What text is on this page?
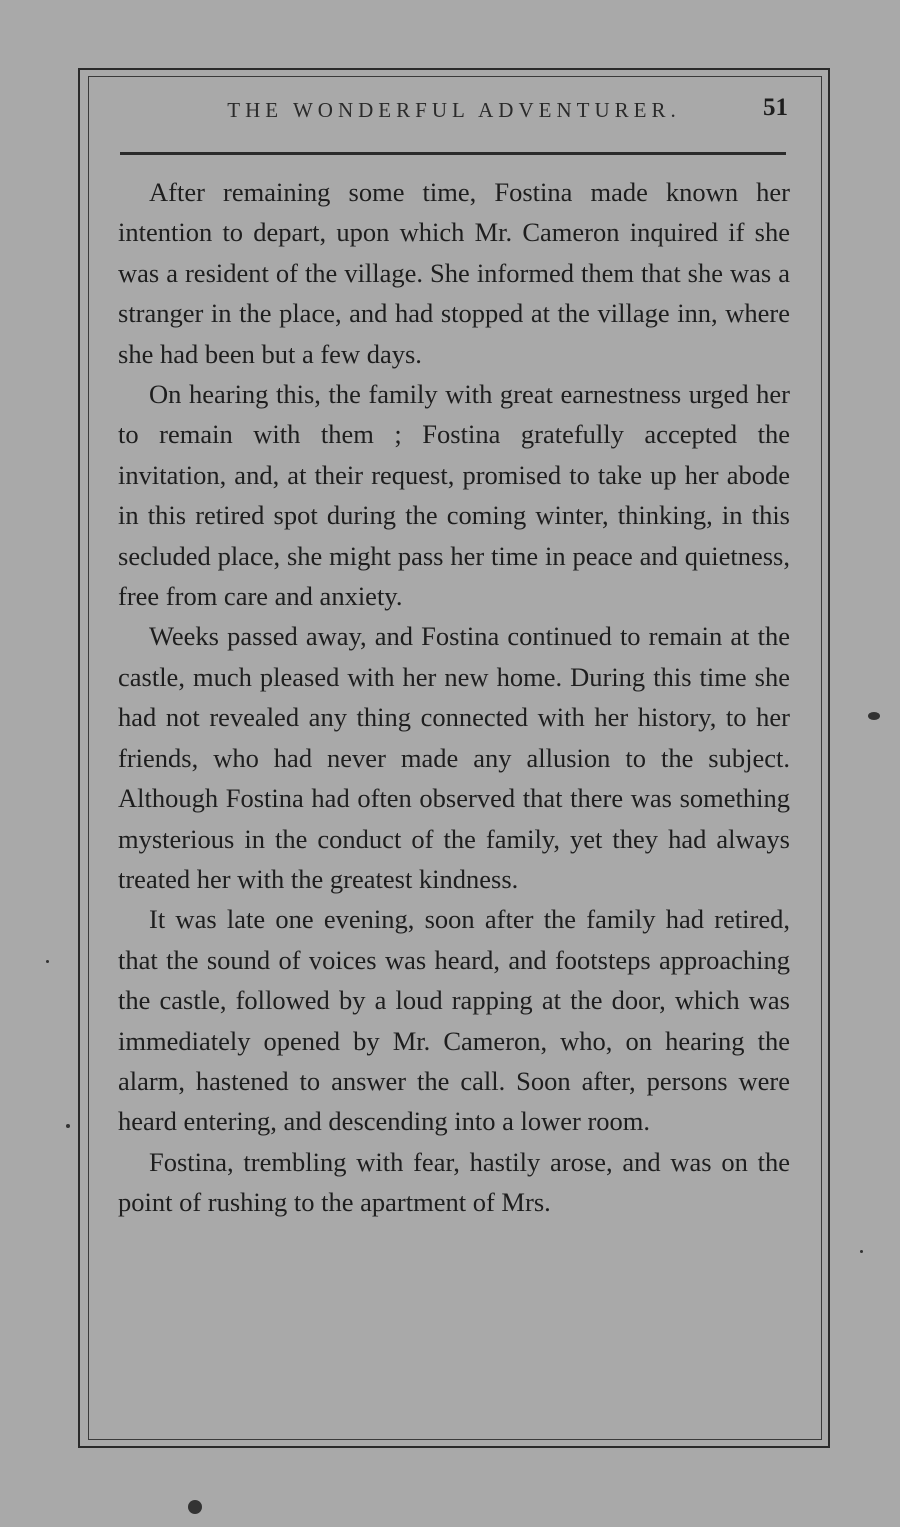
THE WONDERFUL ADVENTURER.	51

After remaining some time, Fostina made known her intention to depart, upon which Mr. Cameron inquired if she was a resident of the village. She informed them that she was a stranger in the place, and had stopped at the village inn, where she had been but a few days.

On hearing this, the family with great earnestness urged her to remain with them ; Fostina gratefully accepted the invitation, and, at their request, promised to take up her abode in this retired spot during the coming winter, thinking, in this secluded place, she might pass her time in peace and quietness, free from care and anxiety.

Weeks passed away, and Fostina continued to remain at the castle, much pleased with her new home. During this time she had not revealed any thing connected with her history, to her friends, who had never made any allusion to the subject. Although Fostina had often observed that there was something mysterious in the conduct of the family, yet they had always treated her with the greatest kindness.

It was late one evening, soon after the family had retired, that the sound of voices was heard, and footsteps approaching the castle, followed by a loud rapping at the door, which was immediately opened by Mr. Cameron, who, on hearing the alarm, hastened to answer the call. Soon after, persons were heard entering, and descending into a lower room.

Fostina, trembling with fear, hastily arose, and was on the point of rushing to the apartment of Mrs.
